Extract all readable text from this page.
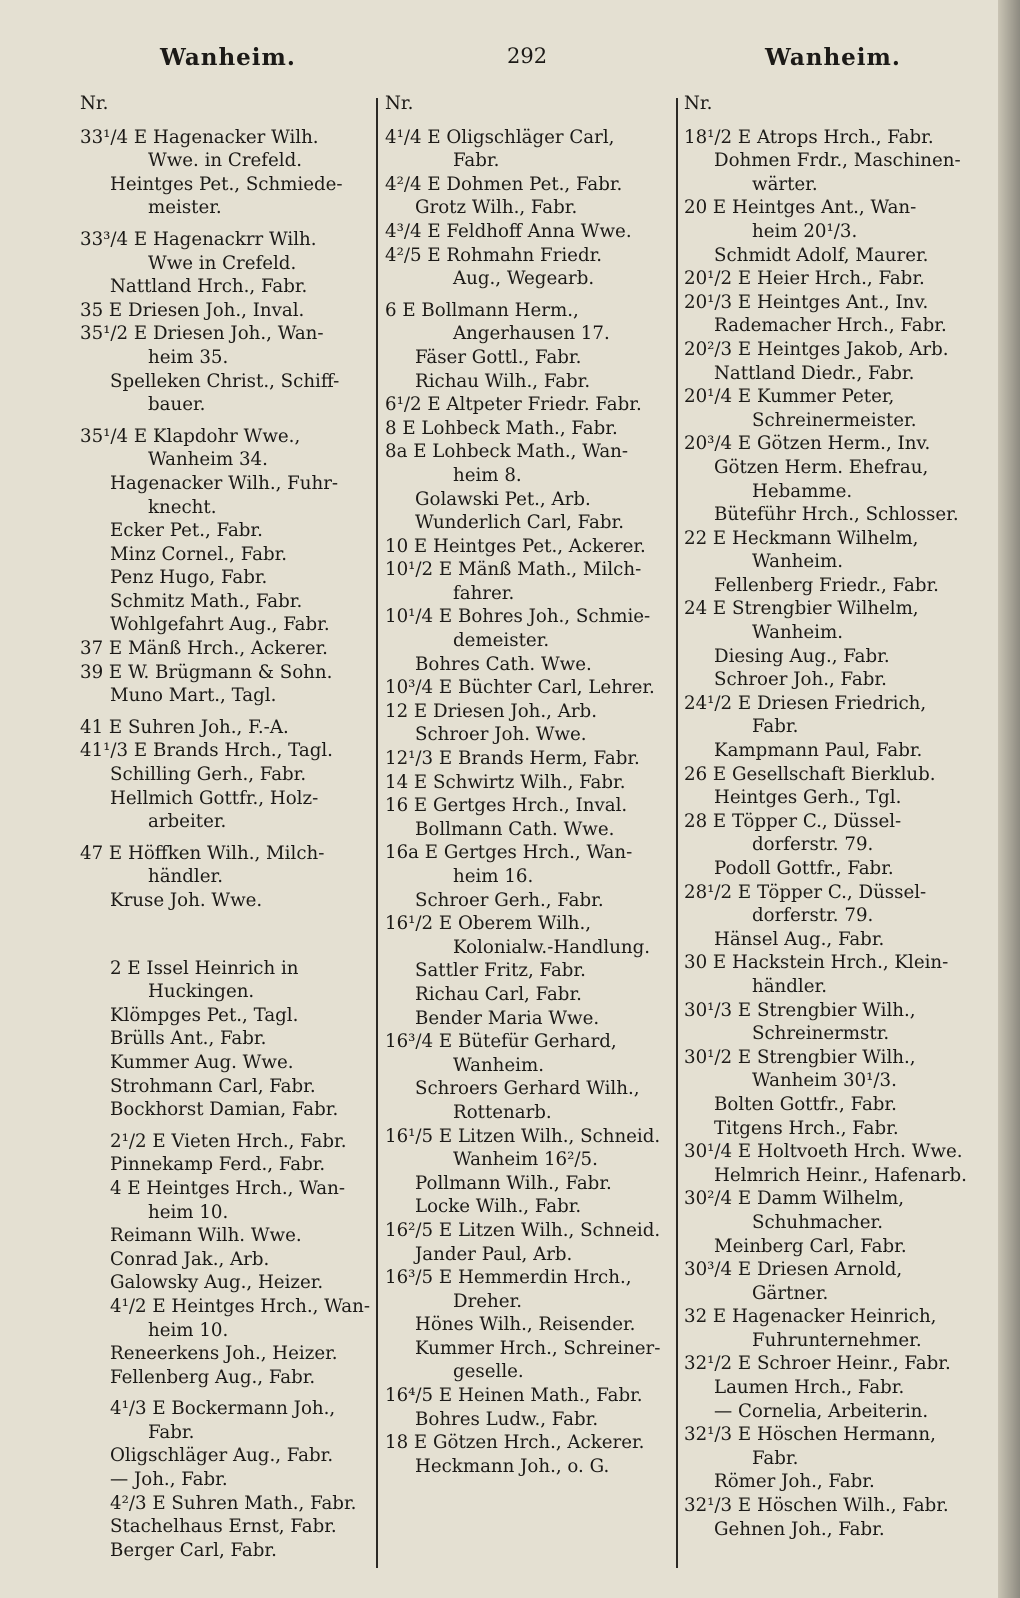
Wanheim.	292	Wanheim.
Nr.
33¹/4 E Hagenacker Wilh.
Wwe. in Crefeld.
Heintges Pet., Schmiede-
meister.
33³/4 E Hagenackrr Wilh.
Wwe in Crefeld.
Nattland Hrch., Fabr.
35 E Driesen Joh., Inval.
35¹/2 E Driesen Joh., Wan-
heim 35.
Spelleken Christ., Schiff-
bauer.
35¹/4 E Klapdohr Wwe.,
Wanheim 34.
Hagenacker Wilh., Fuhr-
knecht.
Ecker Pet., Fabr.
Minz Cornel., Fabr.
Penz Hugo, Fabr.
Schmitz Math., Fabr.
Wohlgefahrt Aug., Fabr.
37 E Mänß Hrch., Ackerer.
39 E W. Brügmann & Sohn.
Muno Mart., Tagl.
41 E Suhren Joh., F.-A.
41¹/3 E Brands Hrch., Tagl.
Schilling Gerh., Fabr.
Hellmich Gottfr., Holz-
arbeiter.
47 E Höffken Wilh., Milch-
händler.
Kruse Joh. Wwe.
2 E Issel Heinrich in
Huckingen.
Klömpges Pet., Tagl.
Brülls Ant., Fabr.
Kummer Aug. Wwe.
Strohmann Carl, Fabr.
Bockhorst Damian, Fabr.
2¹/2 E Vieten Hrch., Fabr.
Pinnekamp Ferd., Fabr.
4 E Heintges Hrch., Wan-
heim 10.
Reimann Wilh. Wwe.
Conrad Jak., Arb.
Galowsky Aug., Heizer.
4¹/2 E Heintges Hrch., Wan-
heim 10.
Reneerkens Joh., Heizer.
Fellenberg Aug., Fabr.
4¹/3 E Bockermann Joh.,
Fabr.
Oligschläger Aug., Fabr.
— Joh., Fabr.
4²/3 E Suhren Math., Fabr.
Stachelhaus Ernst, Fabr.
Berger Carl, Fabr.
Nr.
4¹/4 E Oligschläger Carl,
Fabr.
4²/4 E Dohmen Pet., Fabr.
Grotz Wilh., Fabr.
4³/4 E Feldhoff Anna Wwe.
4²/5 E Rohmahn Friedr.
Aug., Wegearb.
6 E Bollmann Herm.,
Angerhausen 17.
Fäser Gottl., Fabr.
Richau Wilh., Fabr.
6¹/2 E Altpeter Friedr. Fabr.
8 E Lohbeck Math., Fabr.
8a E Lohbeck Math., Wan-
heim 8.
Golawski Pet., Arb.
Wunderlich Carl, Fabr.
10 E Heintges Pet., Ackerer.
10¹/2 E Mänß Math., Milch-
fahrer.
10¹/4 E Bohres Joh., Schmie-
demeister.
Bohres Cath. Wwe.
10³/4 E Büchter Carl, Lehrer.
12 E Driesen Joh., Arb.
Schroer Joh. Wwe.
12¹/3 E Brands Herm, Fabr.
14 E Schwirtz Wilh., Fabr.
16 E Gertges Hrch., Inval.
Bollmann Cath. Wwe.
16a E Gertges Hrch., Wan-
heim 16.
Schroer Gerh., Fabr.
16¹/2 E Oberem Wilh.,
Kolonialw.-Handlung.
Sattler Fritz, Fabr.
Richau Carl, Fabr.
Bender Maria Wwe.
16³/4 E Bütefür Gerhard,
Wanheim.
Schroers Gerhard Wilh.,
Rottenarb.
16¹/5 E Litzen Wilh., Schneid.
Wanheim 16²/5.
Pollmann Wilh., Fabr.
Locke Wilh., Fabr.
16²/5 E Litzen Wilh., Schneid.
Jander Paul, Arb.
16³/5 E Hemmerdin Hrch.,
Dreher.
Hönes Wilh., Reisender.
Kummer Hrch., Schreiner-
geselle.
16⁴/5 E Heinen Math., Fabr.
Bohres Ludw., Fabr.
18 E Götzen Hrch., Ackerer.
Heckmann Joh., o. G.
Nr.
18¹/2 E Atrops Hrch., Fabr.
Dohmen Frdr., Maschinen-
wärter.
20 E Heintges Ant., Wan-
heim 20¹/3.
Schmidt Adolf, Maurer.
20¹/2 E Heier Hrch., Fabr.
20¹/3 E Heintges Ant., Inv.
Rademacher Hrch., Fabr.
20²/3 E Heintges Jakob, Arb.
Nattland Diedr., Fabr.
20¹/4 E Kummer Peter,
Schreinermeister.
20³/4 E Götzen Herm., Inv.
Götzen Herm. Ehefrau,
Hebamme.
Büteführ Hrch., Schlosser.
22 E Heckmann Wilhelm,
Wanheim.
Fellenberg Friedr., Fabr.
24 E Strengbier Wilhelm,
Wanheim.
Diesing Aug., Fabr.
Schroer Joh., Fabr.
24¹/2 E Driesen Friedrich,
Fabr.
Kampmann Paul, Fabr.
26 E Gesellschaft Bierklub.
Heintges Gerh., Tgl.
28 E Töpper C., Düssel-
dorferstr. 79.
Podoll Gottfr., Fabr.
28¹/2 E Töpper C., Düssel-
dorferstr. 79.
Hänsel Aug., Fabr.
30 E Hackstein Hrch., Klein-
händler.
30¹/3 E Strengbier Wilh.,
Schreinermstr.
30¹/2 E Strengbier Wilh.,
Wanheim 30¹/3.
Bolten Gottfr., Fabr.
Titgens Hrch., Fabr.
30¹/4 E Holtvoeth Hrch. Wwe.
Helmrich Heinr., Hafenarb.
30²/4 E Damm Wilhelm,
Schuhmacher.
Meinberg Carl, Fabr.
30³/4 E Driesen Arnold,
Gärtner.
32 E Hagenacker Heinrich,
Fuhrunternehmer.
32¹/2 E Schroer Heinr., Fabr.
Laumen Hrch., Fabr.
— Cornelia, Arbeiterin.
32¹/3 E Höschen Hermann,
Fabr.
Römer Joh., Fabr.
32¹/3 E Höschen Wilh., Fabr.
Gehnen Joh., Fabr.
